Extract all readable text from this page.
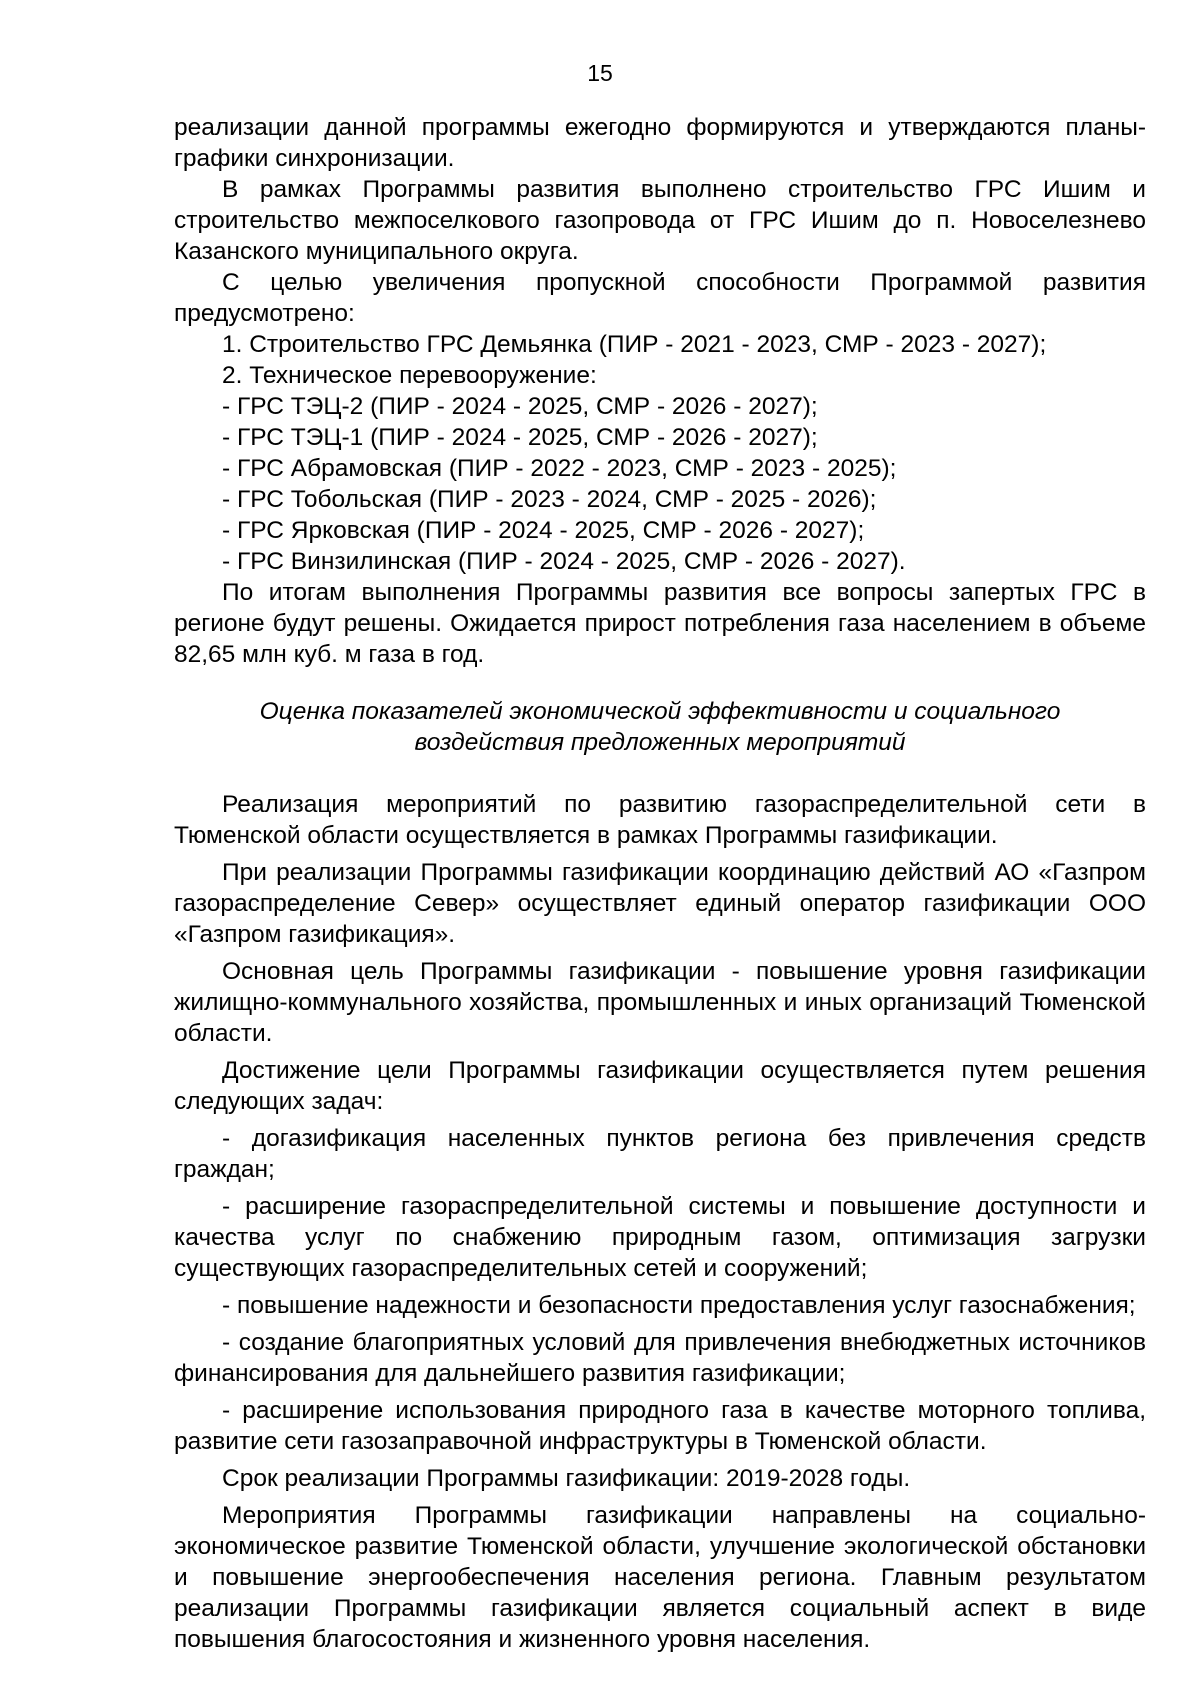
15

реализации данной программы ежегодно формируются и утверждаются планы-графики синхронизации.

В рамках Программы развития выполнено строительство ГРС Ишим и строительство межпоселкового газопровода от ГРС Ишим до п. Новоселезнево Казанского муниципального округа.

С целью увеличения пропускной способности Программой развития предусмотрено:

1. Строительство ГРС Демьянка (ПИР - 2021 - 2023, СМР - 2023 - 2027);

2. Техническое перевооружение:

- ГРС ТЭЦ-2 (ПИР - 2024 - 2025, СМР - 2026 - 2027);

- ГРС ТЭЦ-1 (ПИР - 2024 - 2025, СМР - 2026 - 2027);

- ГРС Абрамовская (ПИР - 2022 - 2023, СМР - 2023 - 2025);

- ГРС Тобольская (ПИР - 2023 - 2024, СМР - 2025 - 2026);

- ГРС Ярковская (ПИР - 2024 - 2025, СМР - 2026 - 2027);

- ГРС Винзилинская (ПИР - 2024 - 2025, СМР - 2026 - 2027).

По итогам выполнения Программы развития все вопросы запертых ГРС в регионе будут решены. Ожидается прирост потребления газа населением в объеме 82,65 млн куб. м газа в год.

Оценка показателей экономической эффективности и социального воздействия предложенных мероприятий

Реализация мероприятий по развитию газораспределительной сети в Тюменской области осуществляется в рамках Программы газификации.

При реализации Программы газификации координацию действий АО «Газпром газораспределение Север» осуществляет единый оператор газификации ООО «Газпром газификация».

Основная цель Программы газификации - повышение уровня газификации жилищно-коммунального хозяйства, промышленных и иных организаций Тюменской области.

Достижение цели Программы газификации осуществляется путем решения следующих задач:

- догазификация населенных пунктов региона без привлечения средств граждан;

- расширение газораспределительной системы и повышение доступности и качества услуг по снабжению природным газом, оптимизация загрузки существующих газораспределительных сетей и сооружений;

- повышение надежности и безопасности предоставления услуг газоснабжения;

- создание благоприятных условий для привлечения внебюджетных источников финансирования для дальнейшего развития газификации;

- расширение использования природного газа в качестве моторного топлива, развитие сети газозаправочной инфраструктуры в Тюменской области.

Срок реализации Программы газификации: 2019-2028 годы.

Мероприятия Программы газификации направлены на социально-экономическое развитие Тюменской области, улучшение экологической обстановки и повышение энергообеспечения населения региона. Главным результатом реализации Программы газификации является социальный аспект в виде повышения благосостояния и жизненного уровня населения.
